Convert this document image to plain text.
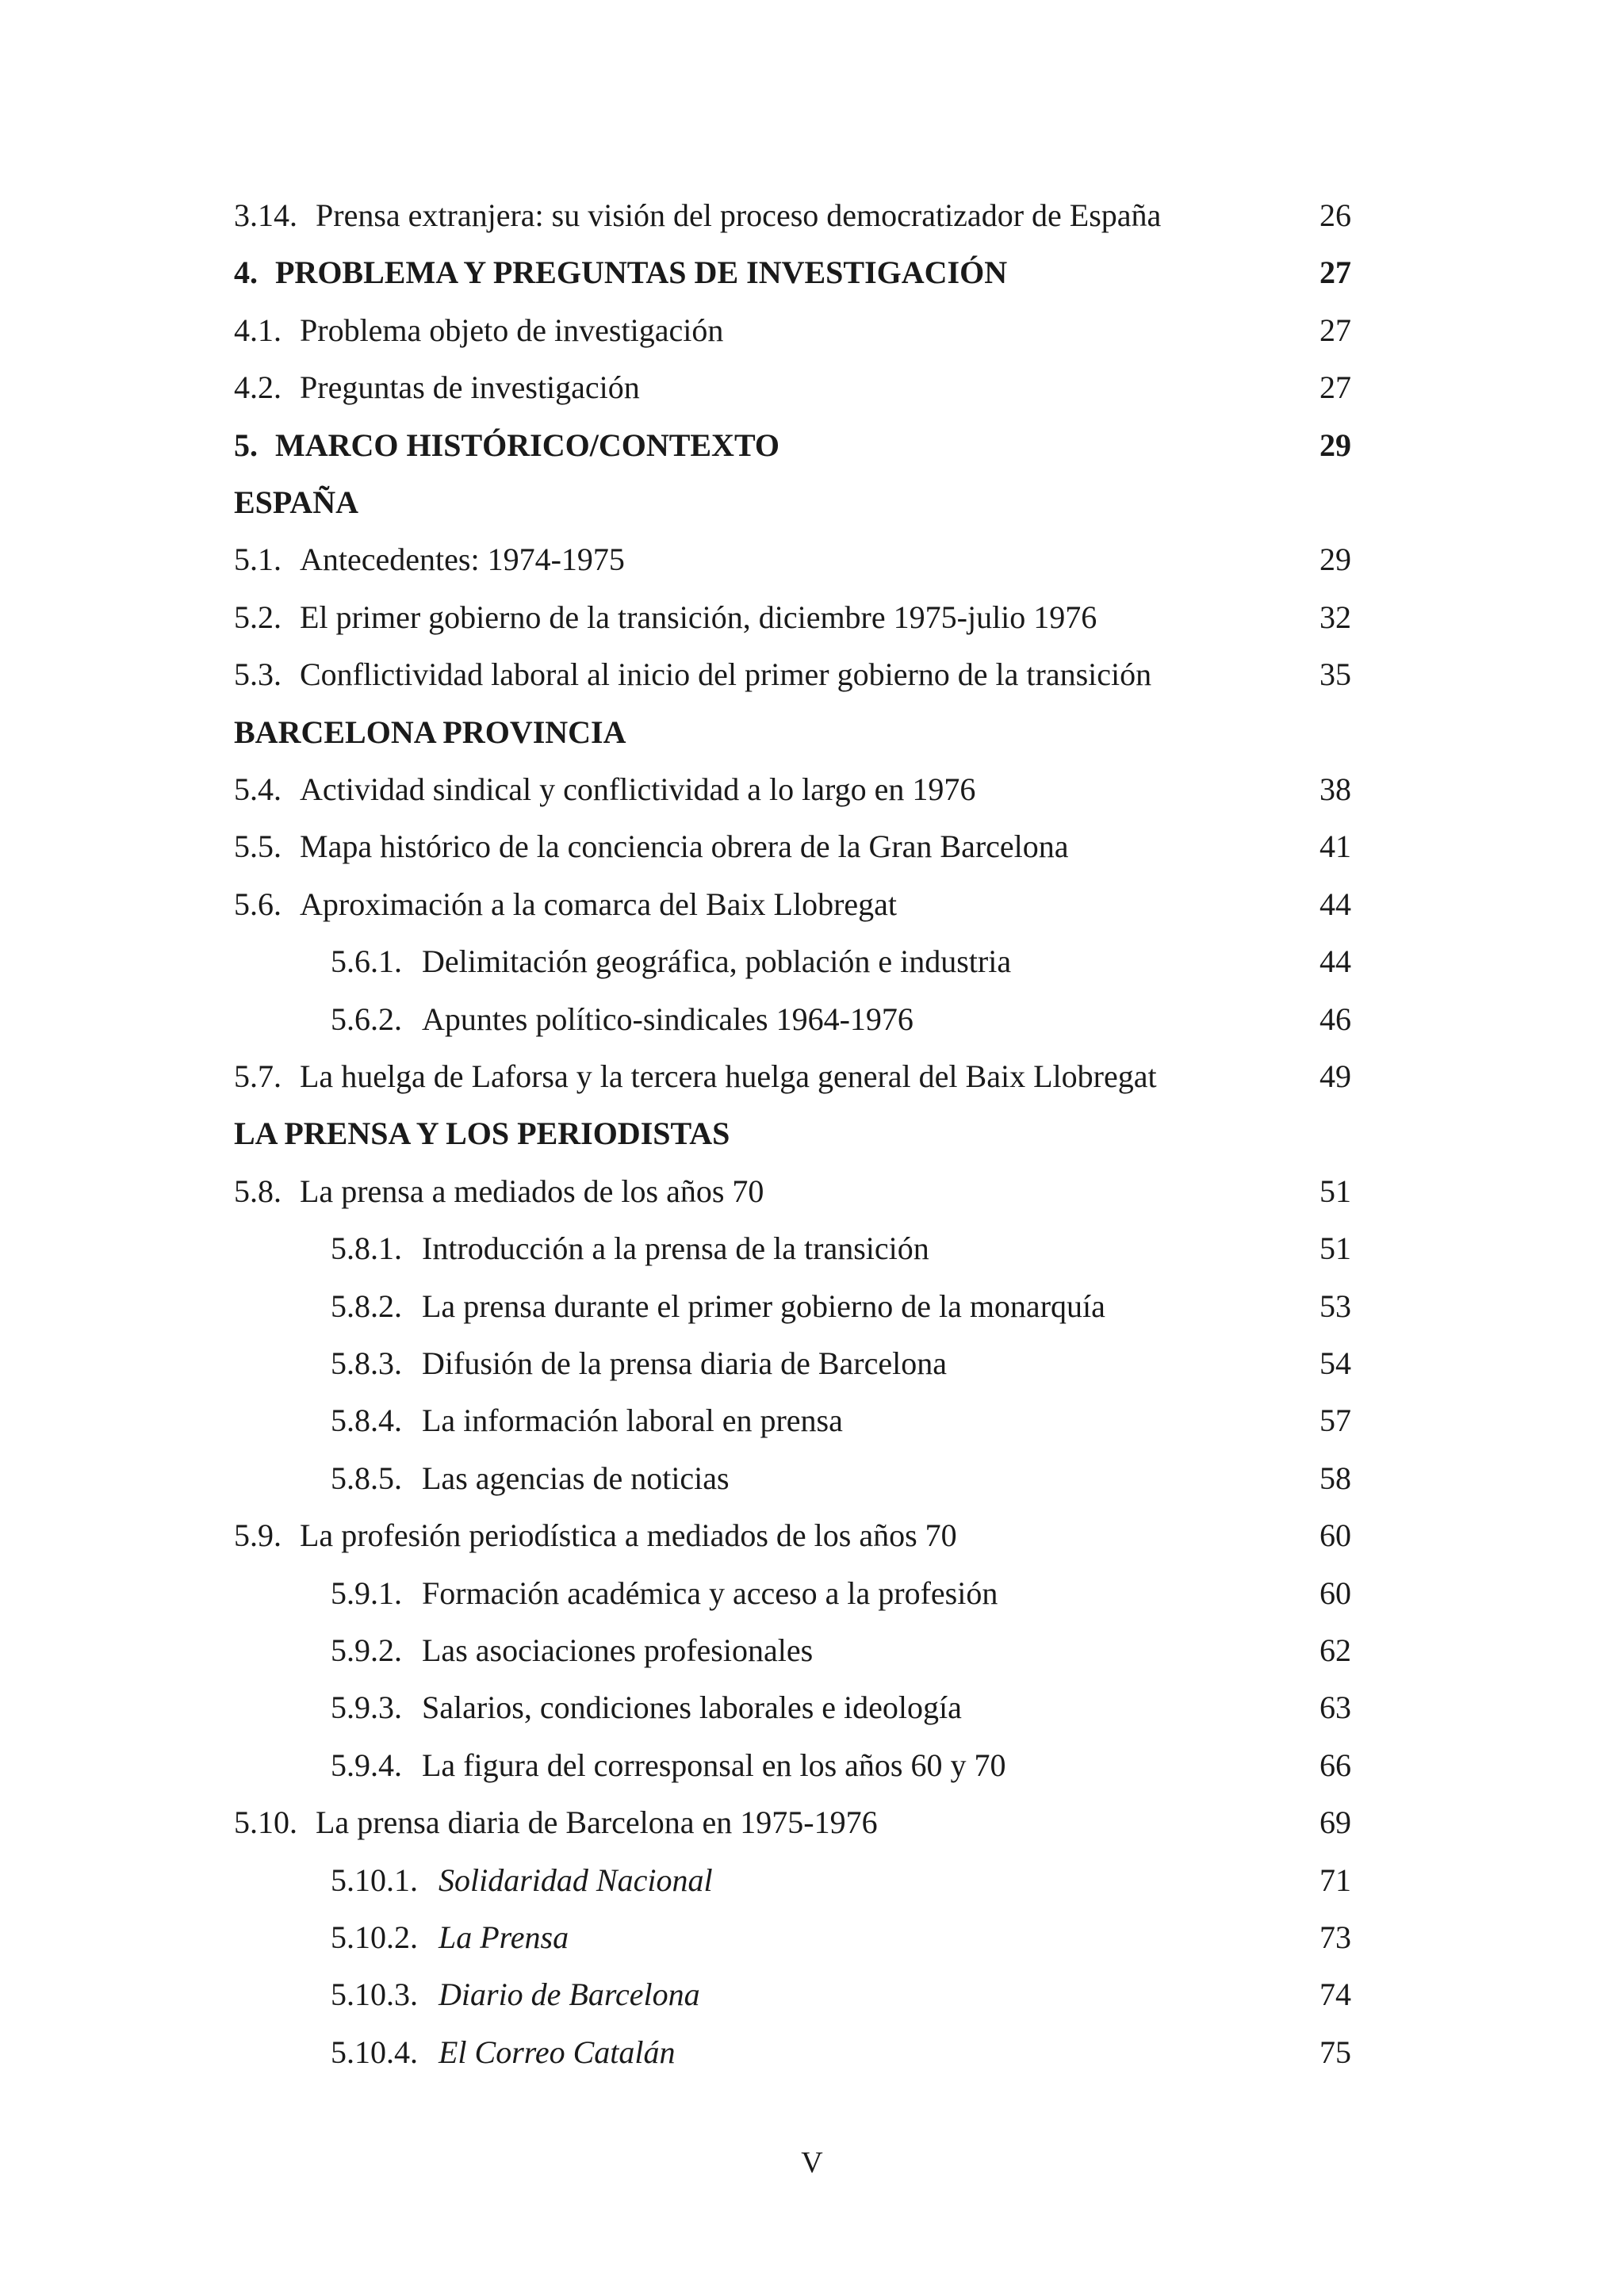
3.14. Prensa extranjera: su visión del proceso democratizador de España	26
4. PROBLEMA Y PREGUNTAS DE INVESTIGACIÓN	27
4.1. Problema objeto de investigación	27
4.2. Preguntas de investigación	27
5. MARCO HISTÓRICO/CONTEXTO	29
ESPAÑA
5.1. Antecedentes: 1974-1975	29
5.2. El primer gobierno de la transición, diciembre 1975-julio 1976	32
5.3. Conflictividad laboral al inicio del primer gobierno de la transición	35
BARCELONA PROVINCIA
5.4. Actividad sindical y conflictividad a lo largo en 1976	38
5.5. Mapa histórico de la conciencia obrera de la Gran Barcelona	41
5.6. Aproximación a la comarca del Baix Llobregat	44
5.6.1. Delimitación geográfica, población e industria	44
5.6.2. Apuntes político-sindicales 1964-1976	46
5.7. La huelga de Laforsa y la tercera huelga general del Baix Llobregat	49
LA PRENSA Y LOS PERIODISTAS
5.8. La prensa a mediados de los años 70	51
5.8.1. Introducción a la prensa de la transición	51
5.8.2. La prensa durante el primer gobierno de la monarquía	53
5.8.3. Difusión de la prensa diaria de Barcelona	54
5.8.4. La información laboral en prensa	57
5.8.5. Las agencias de noticias	58
5.9. La profesión periodística a mediados de los años 70	60
5.9.1. Formación académica y acceso a la profesión	60
5.9.2. Las asociaciones profesionales	62
5.9.3. Salarios, condiciones laborales e ideología	63
5.9.4. La figura del corresponsal en los años 60 y 70	66
5.10. La prensa diaria de Barcelona en 1975-1976	69
5.10.1. Solidaridad Nacional	71
5.10.2. La Prensa	73
5.10.3. Diario de Barcelona	74
5.10.4. El Correo Catalán	75
V
